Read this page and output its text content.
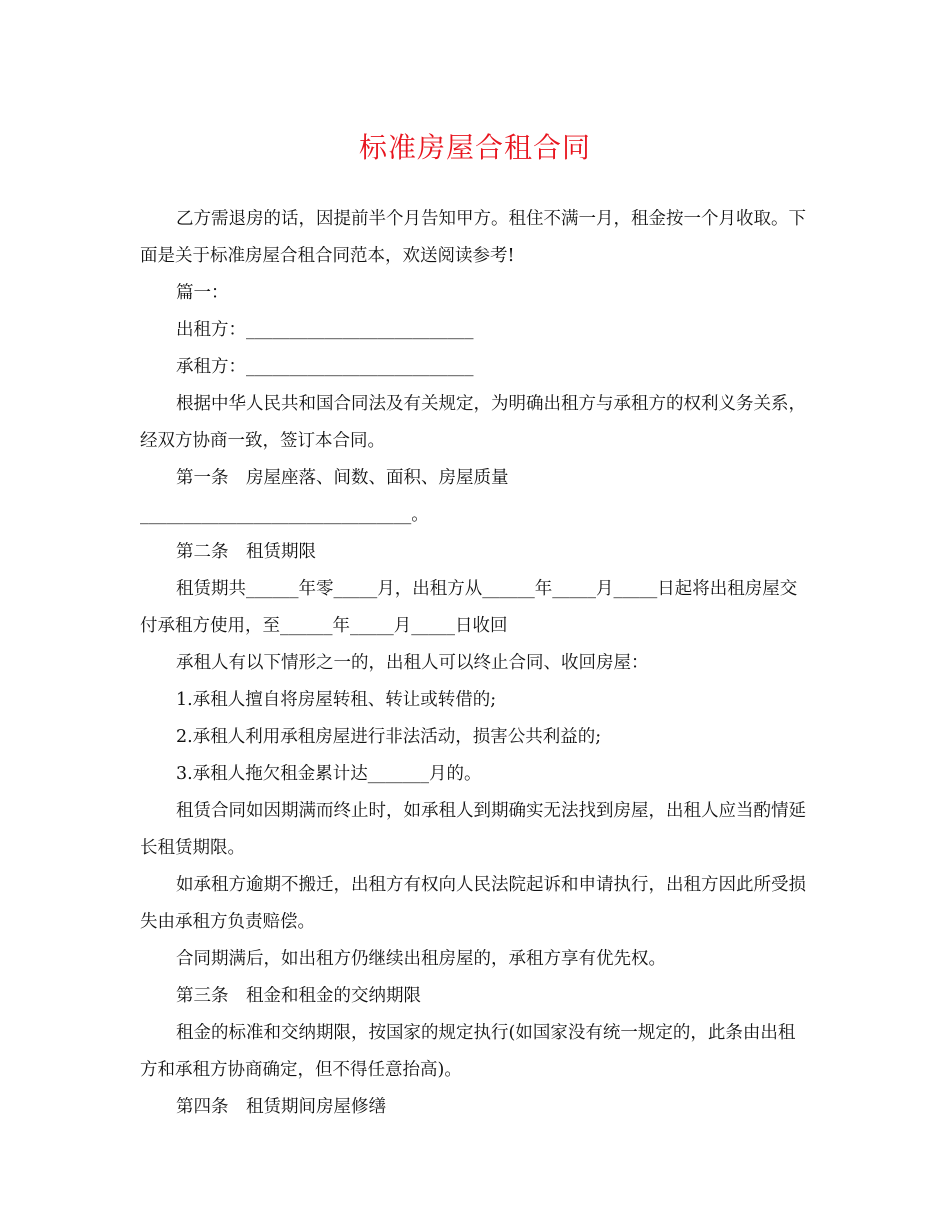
标准房屋合租合同

乙方需退房的话，因提前半个月告知甲方。租住不满一月，租金按一个月收取。下面是关于标准房屋合租合同范本，欢送阅读参考!

篇一：

出租方：__________________________

承租方：__________________________

根据中华人民共和国合同法及有关规定，为明确出租方与承租方的权利义务关系，经双方协商一致，签订本合同。

第一条　房屋座落、间数、面积、房屋质量

_______________________________。

第二条　租赁期限

租赁期共______年零_____月，出租方从______年_____月_____日起将出租房屋交付承租方使用，至______年_____月_____日收回

承租人有以下情形之一的，出租人可以终止合同、收回房屋：

1.承租人擅自将房屋转租、转让或转借的;

2.承租人利用承租房屋进行非法活动，损害公共利益的;

3.承租人拖欠租金累计达_______月的。

租赁合同如因期满而终止时，如承租人到期确实无法找到房屋，出租人应当酌情延长租赁期限。

如承租方逾期不搬迁，出租方有权向人民法院起诉和申请执行，出租方因此所受损失由承租方负责赔偿。

合同期满后，如出租方仍继续出租房屋的，承租方享有优先权。

第三条　租金和租金的交纳期限

租金的标准和交纳期限，按国家的规定执行(如国家没有统一规定的，此条由出租方和承租方协商确定，但不得任意抬高)。

第四条　租赁期间房屋修缮
